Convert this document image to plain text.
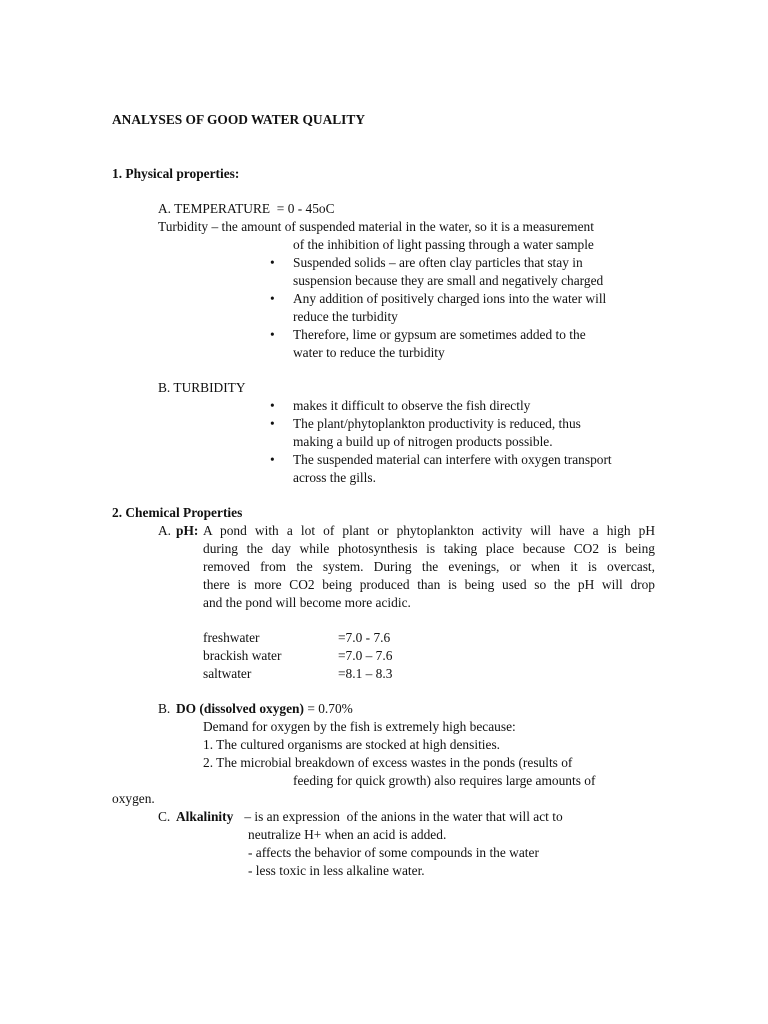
ANALYSES OF GOOD WATER QUALITY
1. Physical properties:
A. TEMPERATURE  = 0 - 45oC
Turbidity – the amount of suspended material in the water, so it is a measurement
of the inhibition of light passing through a water sample
• Suspended solids – are often clay particles that stay in
suspension because they are small and negatively charged
• Any addition of positively charged ions into the water will
reduce the turbidity
• Therefore, lime or gypsum are sometimes added to the
water to reduce the turbidity
B. TURBIDITY
• makes it difficult to observe the fish directly
• The plant/phytoplankton productivity is reduced, thus
making a build up of nitrogen products possible.
• The suspended material can interfere with oxygen transport
across the gills.
2. Chemical Properties
A. pH: A pond with a lot of plant or phytoplankton activity will have a high pH
during the day while photosynthesis is taking place because CO2 is being
removed from the system. During the evenings, or when it is overcast,
there is more CO2 being produced than is being used so the pH will drop
and the pond will become more acidic.
freshwater	=7.0 - 7.6
brackish water	=7.0 – 7.6
saltwater	=8.1 – 8.3
B. DO (dissolved oxygen) = 0.70%
Demand for oxygen by the fish is extremely high because:
1. The cultured organisms are stocked at high densities.
2. The microbial breakdown of excess wastes in the ponds (results of
feeding for quick growth) also requires large amounts of
oxygen.
C. Alkalinity – is an expression  of the anions in the water that will act to
neutralize H+ when an acid is added.
- affects the behavior of some compounds in the water
- less toxic in less alkaline water.
